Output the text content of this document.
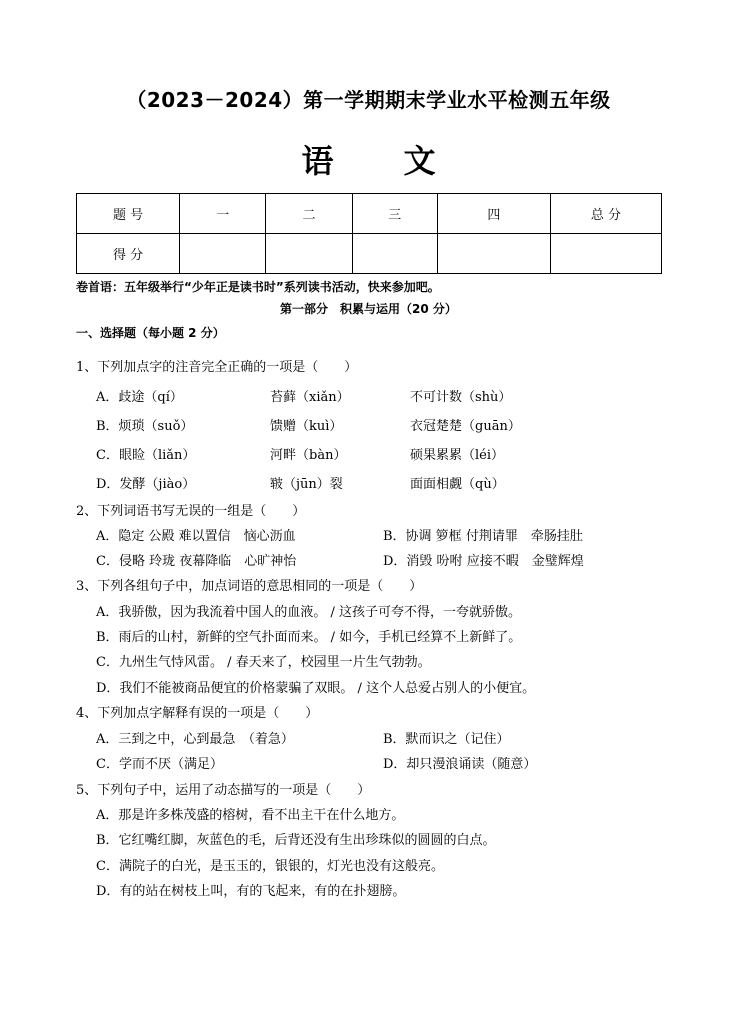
（2023－2024）第一学期期末学业水平检测五年级
语 文
题 号	一	二	三	四	总 分
得 分					
卷首语：五年级举行“少年正是读书时”系列读书活动，快来参加吧。
第一部分　积累与运用（20 分）
一、选择题（每小题 2 分）
1、下列加点字的注音完全正确的一项是（　　）
A．歧途（qí）	苔藓（xiǎn）	不可计数（shù）
B．烦琐（suǒ）	馈赠（kuì）	衣冠楚楚（guān）
C．眼睑（liǎn）	河畔（bàn）	硕果累累（léi）
D．发酵（jiào）	皲（jūn）裂	面面相觑（qù）
2、下列词语书写无误的一组是（　　）
A．隐定 公殿 难以置信　恼心沥血	B．协调 箩框 付荆请罪　牵肠挂肚
C．侵略 玲珑 夜幕降临　心旷神怡	D．消毁 吩咐 应接不暇　金璧辉煌
3、下列各组句子中，加点词语的意思相同的一项是（　　）
A．我骄傲，因为我流着中国人的血液。 / 这孩子可夸不得，一夸就骄傲。
B．雨后的山村，新鲜的空气扑面而来。 / 如今，手机已经算不上新鲜了。
C．九州生气恃风雷。 / 春天来了，校园里一片生气勃勃。
D．我们不能被商品便宜的价格蒙骗了双眼。 / 这个人总爱占别人的小便宜。
4、下列加点字解释有误的一项是（　　）
A．三到之中，心到最急　（着急）	B．默而识之（记住）
C．学而不厌（满足）	D．却只漫浪诵读（随意）
5、下列句子中，运用了动态描写的一项是（　　）
A．那是许多株茂盛的榕树，看不出主干在什么地方。
B．它红嘴红脚，灰蓝色的毛，后背还没有生出珍珠似的圆圆的白点。
C．满院子的白光，是玉玉的，银银的，灯光也没有这般亮。
D．有的站在树枝上叫，有的飞起来，有的在扑翅膀。
